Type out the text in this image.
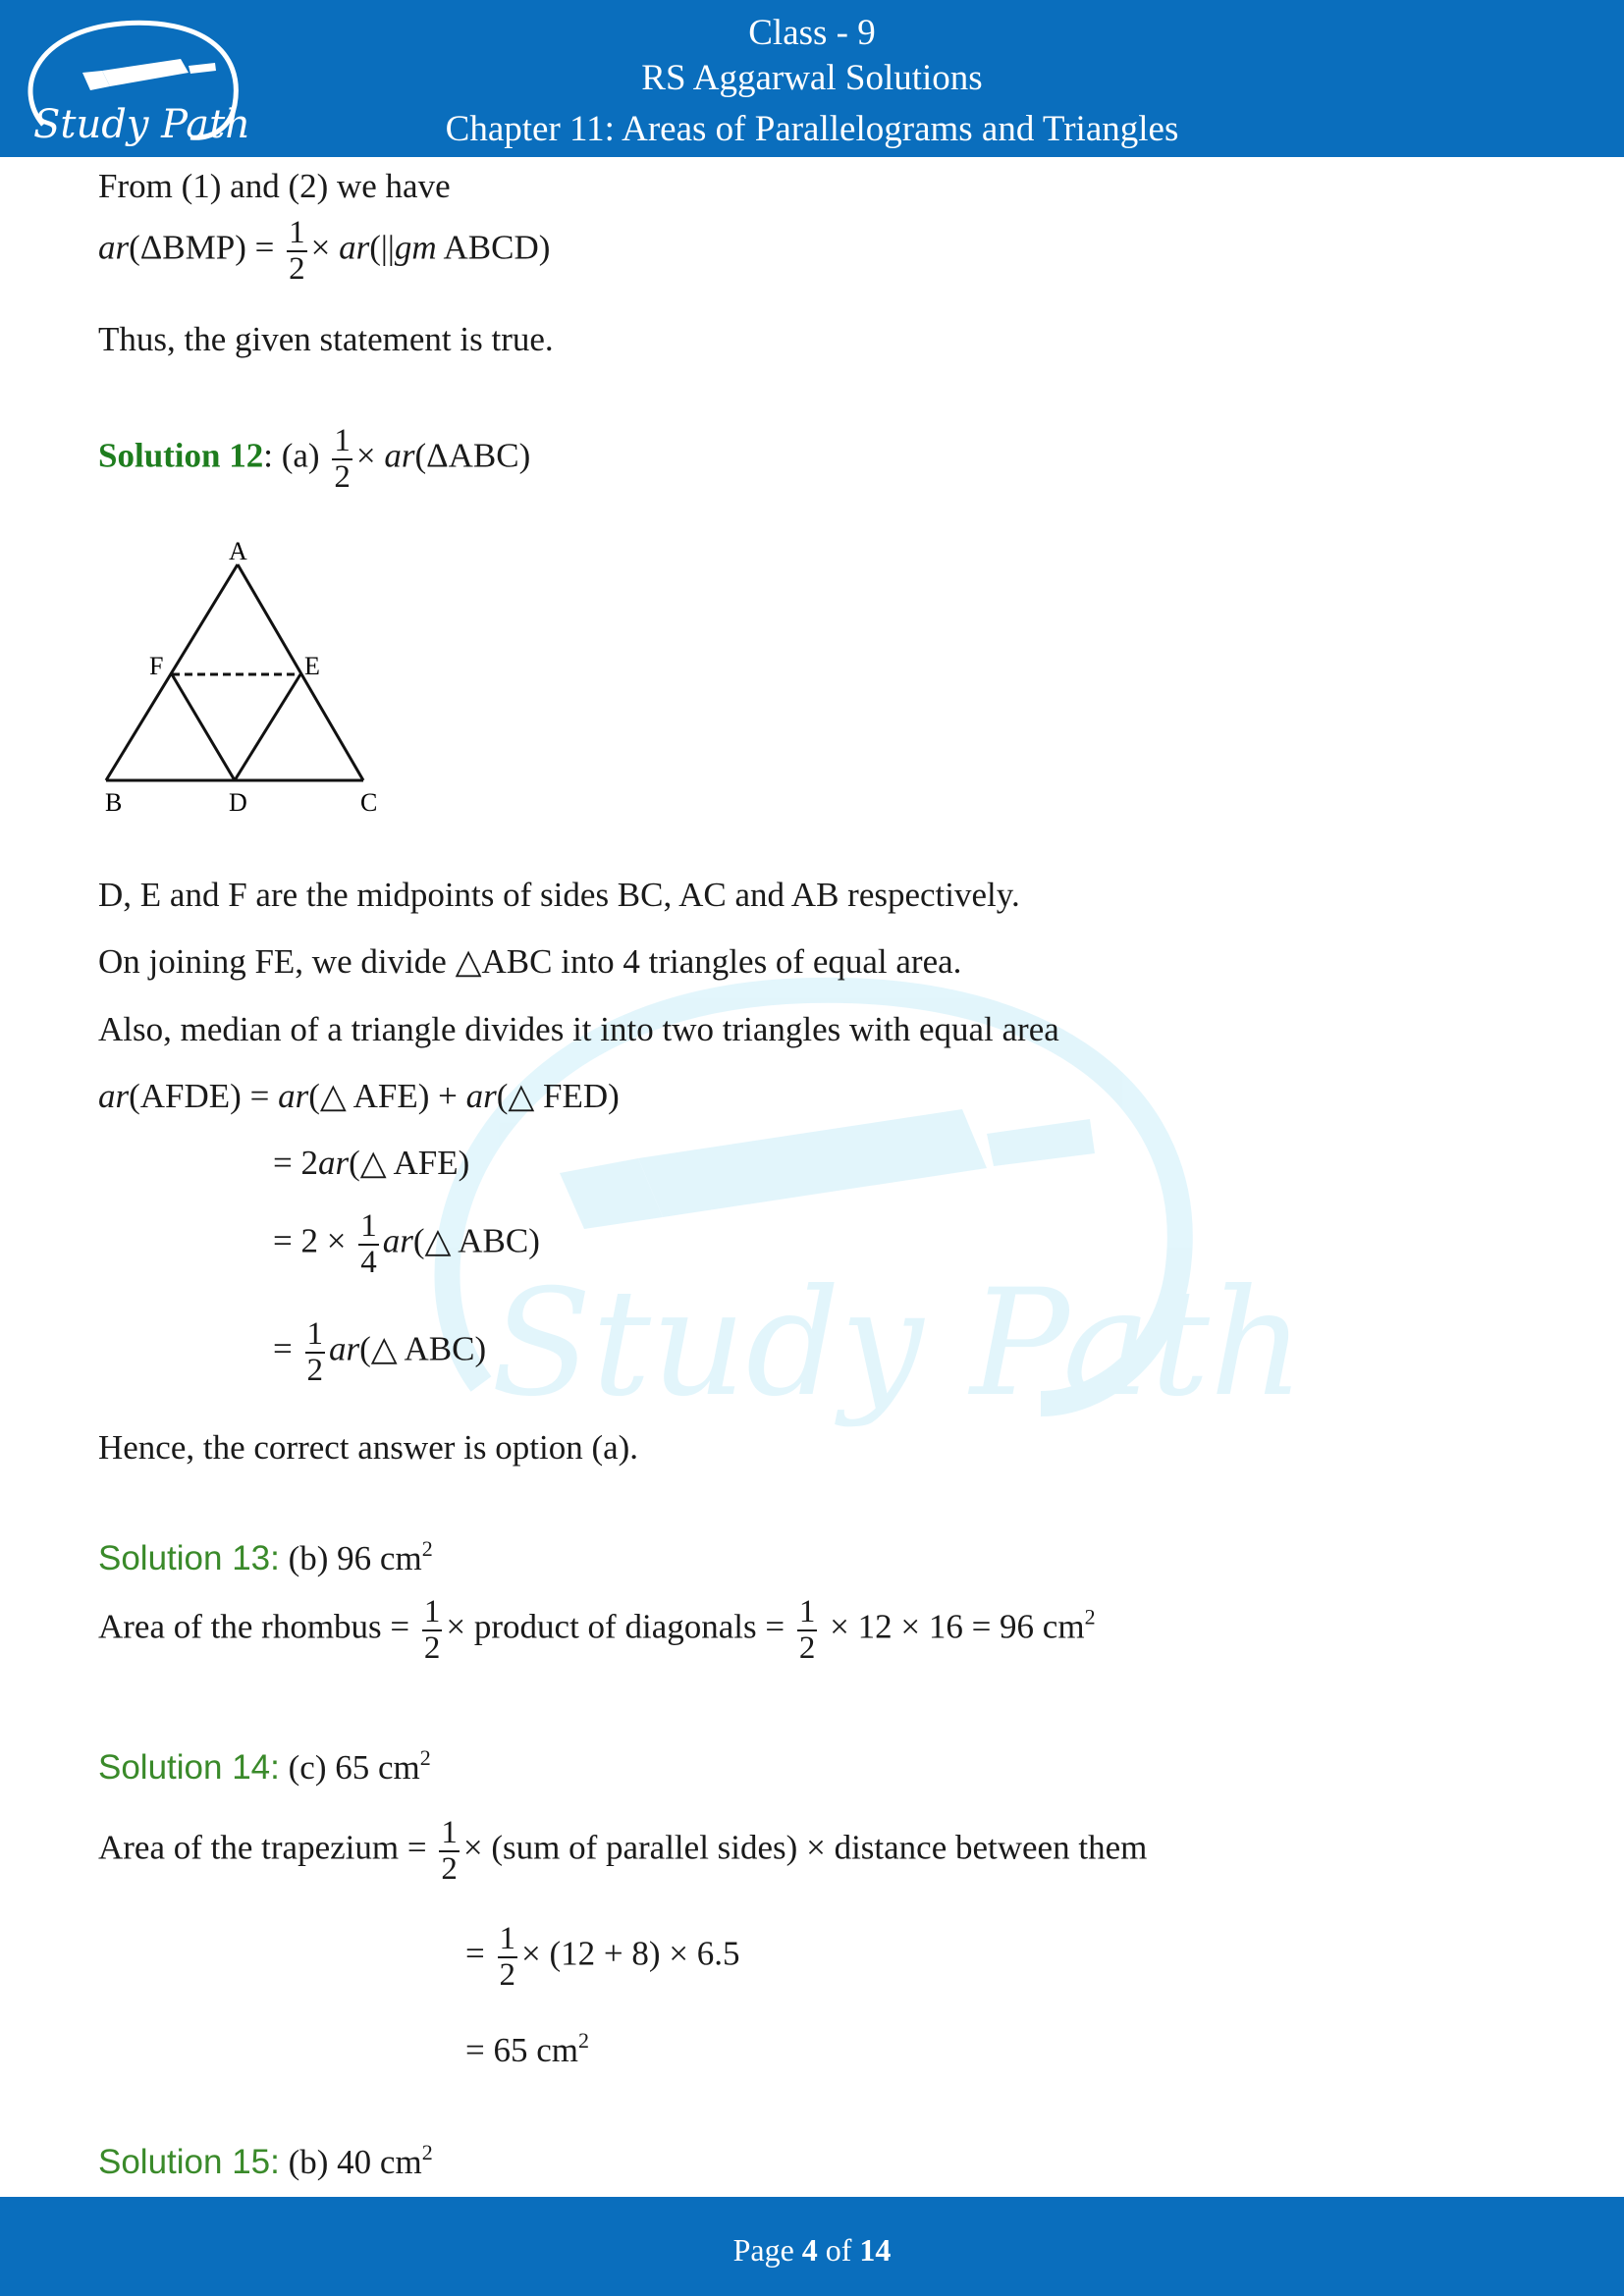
Study Path
Class - 9
RS Aggarwal Solutions
Chapter 11: Areas of Parallelograms and Triangles
Study Path
From (1) and (2) we have
$ar(\Delta BMP) = \frac{1}{2} \times ar(||gm$ ABCD)
Thus, the given statement is true.
Solution 12: $(a) \frac{1}{2} \times ar(\Delta ABC)$
A
F	E
B	D	C
D, E and F are the midpoints of sides BC, AC and AB respectively.
On joining FE, we divide △ABC into 4 triangles of equal area.
Also, median of a triangle divides it into two triangles with equal area
ar(AFDE) = ar(△ AFE) + ar(△ FED)
= 2ar(△ AFE)
= $2 \times \frac{1}{4}$ ar(△ ABC)
= $\frac{1}{2}$ ar(△ ABC)
Hence, the correct answer is option (a).
Solution 13: (b) 96 $cm^2$
Area of the rhombus = $\frac{1}{2}$ × product of diagonals = $\frac{1}{2} \times 12 \times 16 = 96$ $cm^2$
Solution 14: (c) 65 $cm^2$
Area of the trapezium = $\frac{1}{2} \times (sum$ of parallel sides) × distance between them
= $\frac{1}{2} \times (12 + 8) \times 6.5$
= 65 $cm^2$
Solution 15: (b) 40 $cm^2$
Page 4 of 14
